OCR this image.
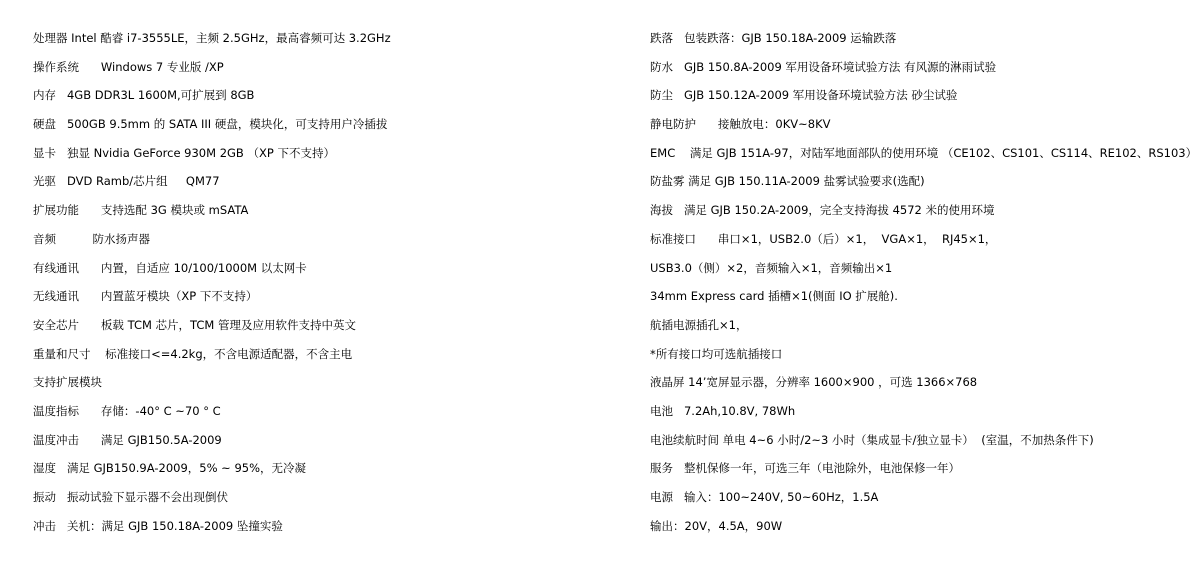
处理器 Intel 酷睿 i7-3555LE，主频 2.5GHz，最高睿频可达 3.2GHz
操作系统      Windows 7 专业版 /XP
内存   4GB DDR3L 1600M,可扩展到 8GB
硬盘   500GB 9.5mm 的 SATA III 硬盘，模块化，可支持用户冷插拔
显卡   独显 Nvidia GeForce 930M 2GB （XP 下不支持）
光驱   DVD Ramb/芯片组     QM77
扩展功能      支持选配 3G 模块或 mSATA
音频          防水扬声器
有线通讯      内置，自适应 10/100/1000M 以太网卡
无线通讯      内置蓝牙模块（XP 下不支持）
安全芯片      板载 TCM 芯片，TCM 管理及应用软件支持中英文
重量和尺寸    标准接口<=4.2kg，不含电源适配器，不含主电
支持扩展模块
温度指标      存储：-40° C ~70 ° C
温度冲击      满足 GJB150.5A-2009
湿度   满足 GJB150.9A-2009，5% ~ 95%，无冷凝
振动   振动试验下显示器不会出现倒伏
冲击   关机：满足 GJB 150.18A-2009 坠撞实验
跌落   包装跌落：GJB 150.18A-2009 运输跌落
防水   GJB 150.8A-2009 军用设备环境试验方法 有风源的淋雨试验
防尘   GJB 150.12A-2009 军用设备环境试验方法 砂尘试验
静电防护      接触放电：0KV~8KV
EMC    满足 GJB 151A-97，对陆军地面部队的使用环境 （CE102、CS101、CS114、RE102、RS103）
防盐雾 满足 GJB 150.11A-2009 盐雾试验要求(选配)
海拔   满足 GJB 150.2A-2009，完全支持海拔 4572 米的使用环境
标准接口      串口×1，USB2.0（后）×1，  VGA×1，  RJ45×1，
USB3.0（侧）×2，音频输入×1，音频输出×1
34mm Express card 插槽×1(侧面 IO 扩展舱).
航插电源插孔×1，
*所有接口均可选航插接口
液晶屏 14’宽屏显示器，分辨率 1600×900 ，可选 1366×768
电池   7.2Ah,10.8V, 78Wh
电池续航时间 单电 4~6 小时/2~3 小时（集成显卡/独立显卡）  (室温，不加热条件下)
服务   整机保修一年，可选三年（电池除外，电池保修一年）
电源   输入：100~240V, 50~60Hz，1.5A
输出：20V，4.5A，90W
